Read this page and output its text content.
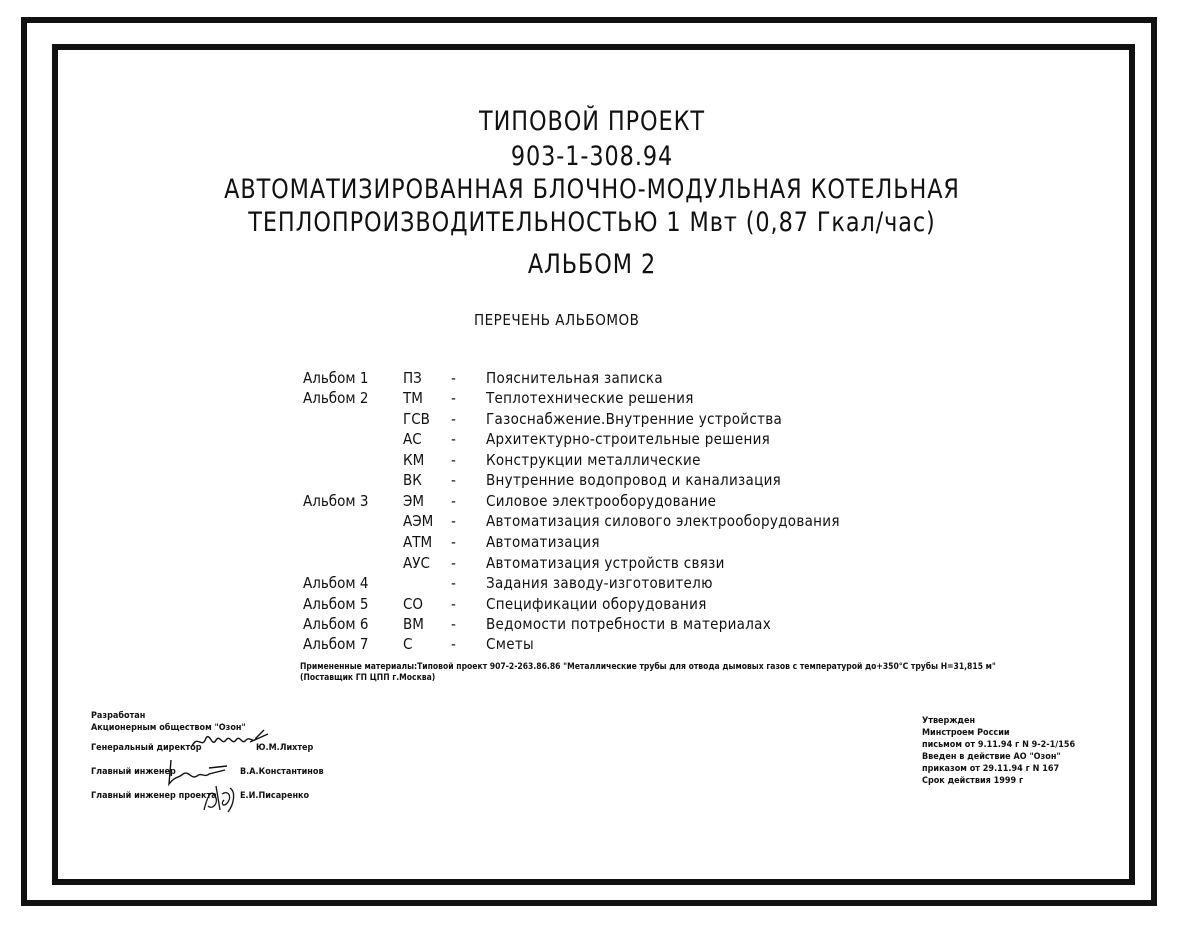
ТИПОВОЙ ПРОЕКТ
903-1-308.94
АВТОМАТИЗИРОВАННАЯ БЛОЧНО-МОДУЛЬНАЯ КОТЕЛЬНАЯ
ТЕПЛОПРОИЗВОДИТЕЛЬНОСТЬЮ 1 Мвт (0,87 Гкал/час)
АЛЬБОМ 2
ПЕРЕЧЕНЬ АЛЬБОМОВ
Альбом 1 ПЗ - Пояснительная записка
Альбом 2 ТМ - Теплотехнические решения
ГСВ - Газоснабжение.Внутренние устройства
АС - Архитектурно-строительные решения
КМ - Конструкции металлические
ВК - Внутренние водопровод и канализация
Альбом 3 ЭМ - Силовое электрооборудование
АЭМ - Автоматизация силового электрооборудования
АТМ - Автоматизация
АУС - Автоматизация устройств связи
Альбом 4	- Задания заводу-изготовителю
Альбом 5 СО - Спецификации оборудования
Альбом 6 ВМ - Ведомости потребности в материалах
Альбом 7 С	- Сметы
Примененные материалы:Типовой проект 907-2-263.86.86 "Металлические трубы для отвода дымовых газов с температурой до+350°С трубы Н=31,815 м"
(Поставщик ГП ЦПП г.Москва)
Разработан
Акционерным обществом "Озон"
Генеральный директор	Ю.М.Лихтер
Главный инженер	В.А.Константинов
Главный инженер проекта	Е.И.Писаренко
Утвержден
Минстроем России
письмом от 9.11.94 г N 9-2-1/156
Введен в действие АО "Озон"
приказом от 29.11.94 г N 167
Срок действия 1999 г
